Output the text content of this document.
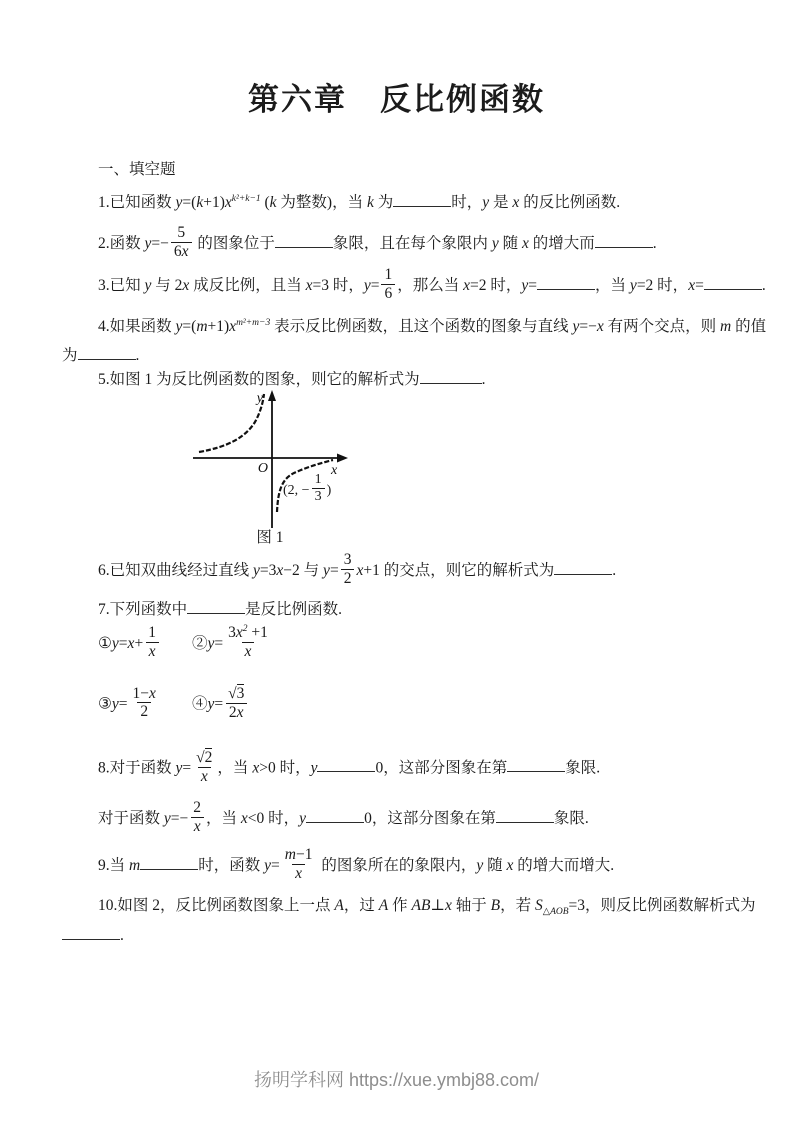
第六章　反比例函数

一、填空题

1.已知函数 $y=(k+1)x^{k^2+k-1}$ (k 为整数)，当 k 为	时，y 是 x 的反比例函数.

2.函数 $y=- \frac{5}{6x}$ 的图象位于	象限，且在每个象限内 y 随 x 的增大而	.

3.已知 y 与 2x 成反比例，且当 x=3 时，$y= \frac{1}{6}$ ，那么当 x=2 时，y=	，当 y=2 时，x=	.

4.如果函数 $y=(m+1)x^{m^2+m-3}$ 表示反比例函数，且这个函数的图象与直线 y=−x 有两个交点，则 m 的值

为	.

5.如图 1 为反比例函数的图象，则它的解析式为	.

y
x
O
(2, − $\frac{1}{3}$ )

图 1

6.已知双曲线经过直线 y=3x−2 与 $y= \frac{3}{2} x+1$ 的交点，则它的解析式为	.

7.下列函数中	是反比例函数.

①y=x+ $\frac{1}{x}$
　　 ②y= $\frac{3x^2 +1}{x}$

③y= $\frac{1-x}{2}$
　　 ④y= $\frac{√3}{2x}$

8.对于函数 $y= \frac{√2}{x}$ ，当 x>0 时，y	0，这部分图象在第	象限.

对于函数 $y=- \frac{2}{x}$ ，当 x<0 时，y	0，这部分图象在第	象限.

9.当 m	时，函数 $y= \frac{m-1}{x}$ 的图象所在的象限内，y 随 x 的增大而增大.

10.如图 2，反比例函数图象上一点 A，过 A 作 AB⊥x 轴于 B，若 $S_{\triangle AOB}=3$，则反比例函数解析式为

.

扬明学科网 https://xue.ymbj88.com/
